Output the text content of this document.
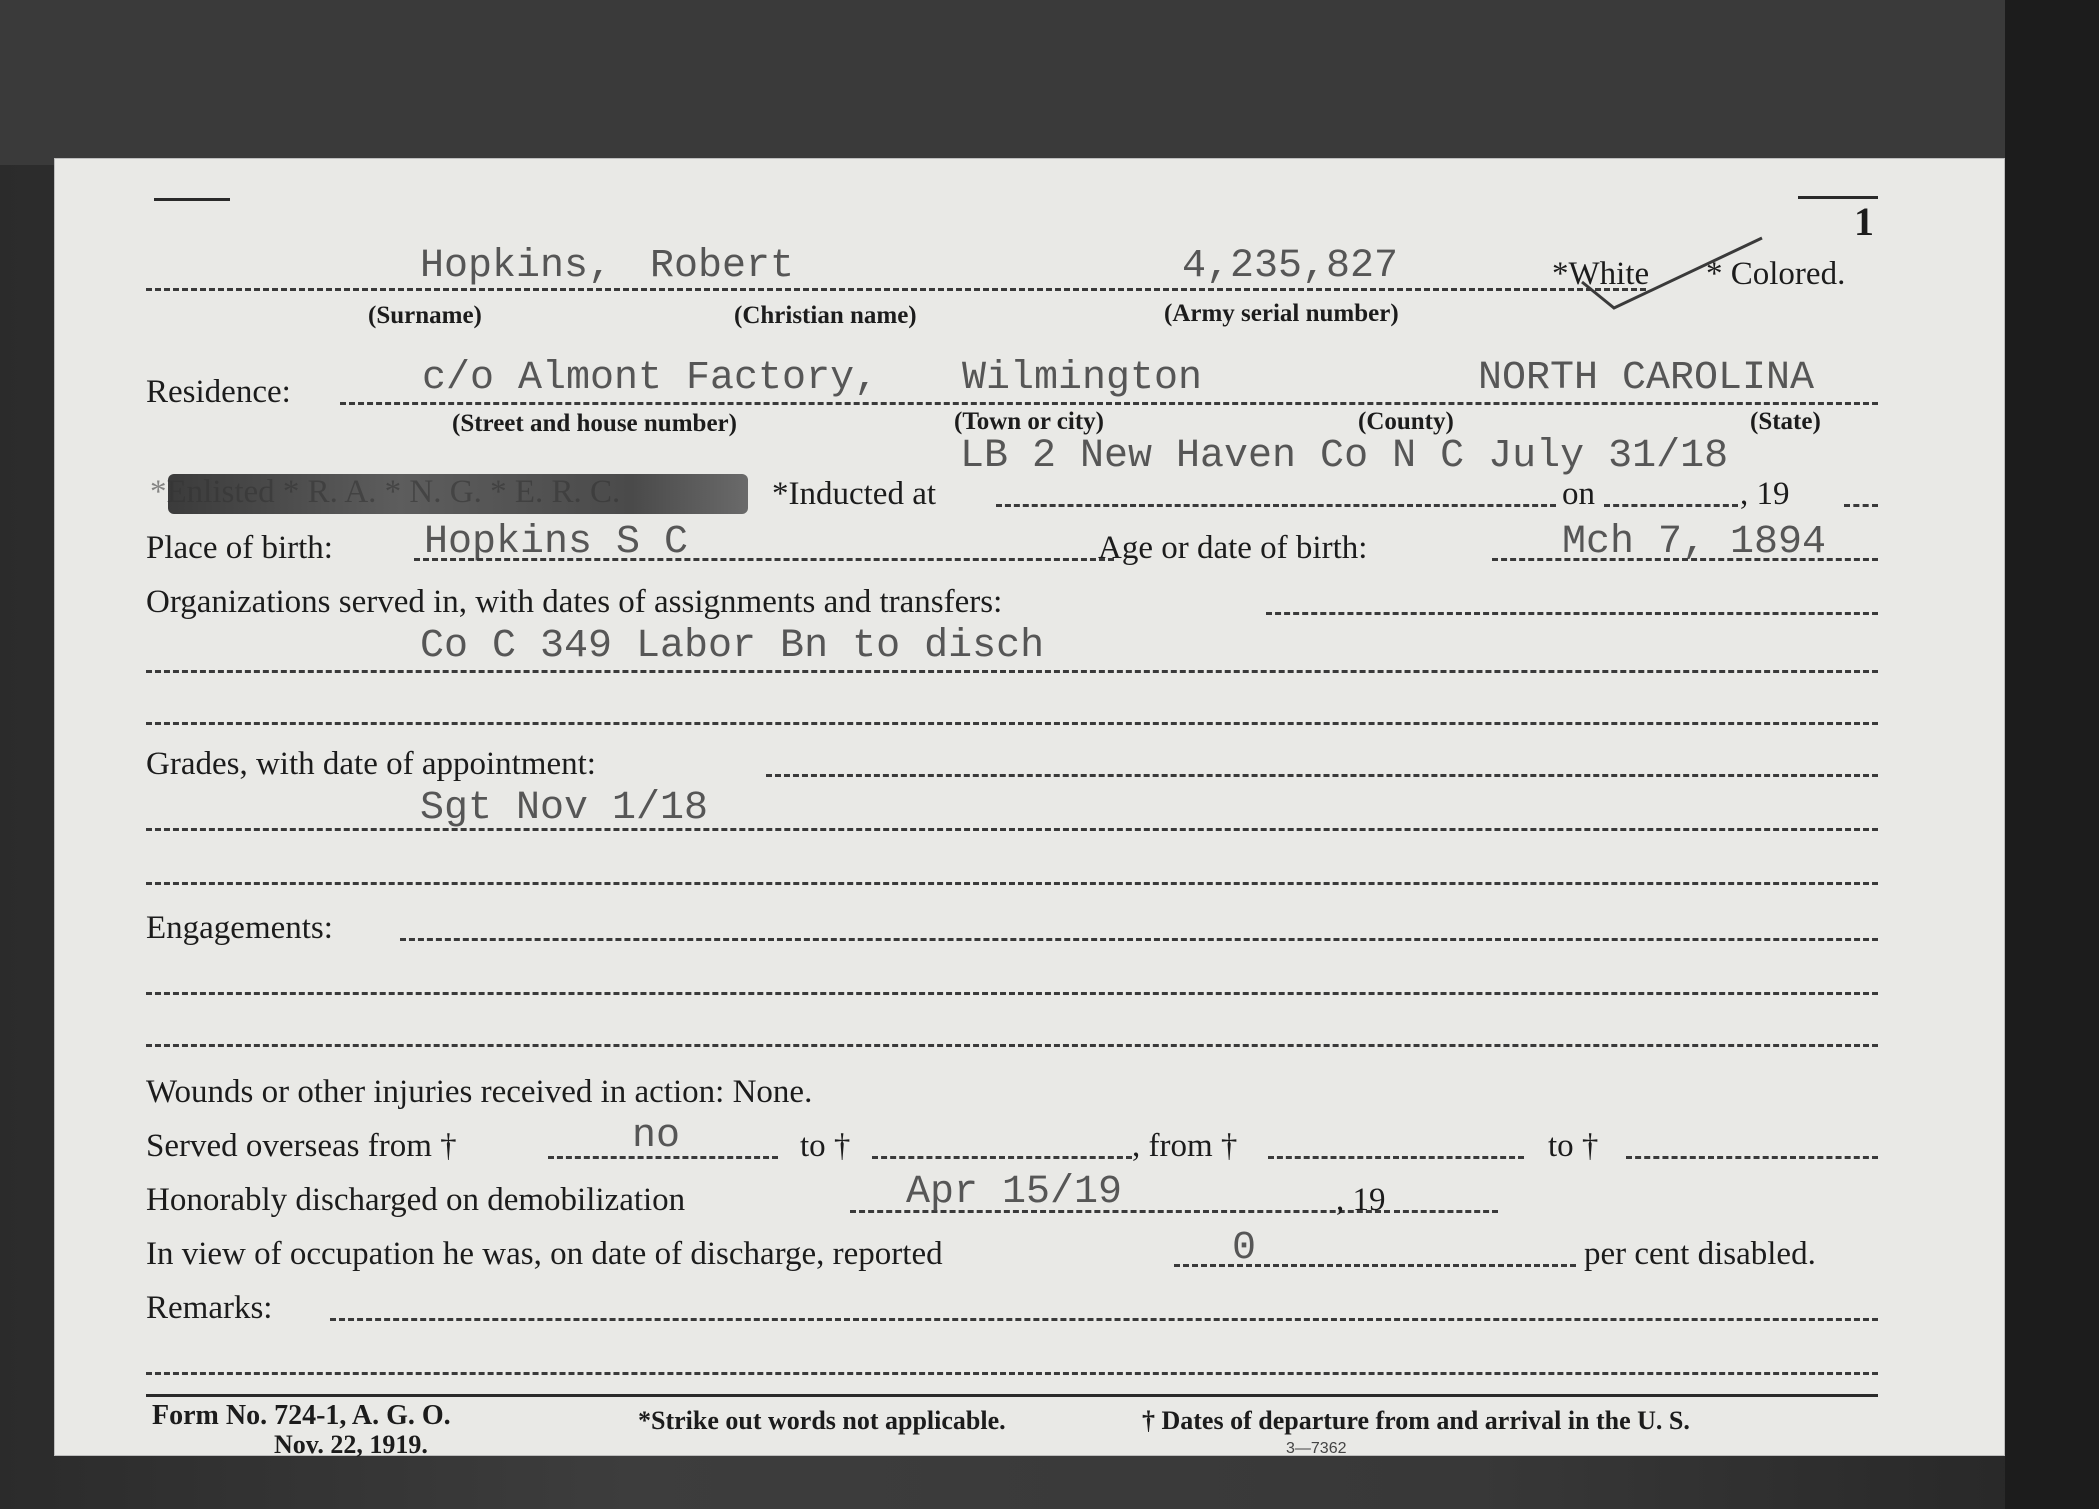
1
Hopkins, Robert	4,235,827	*White * Colored.
(Surname)	(Christian name)	(Army serial number)
Residence:	c/o Almont Factory, Wilmington	NORTH CAROLINA
(Street and house number)	(Town or city)	(County)	(State)
LB 2 New Haven Co N C July 31/18
*Enlisted * R. A. * N. G. * E. R. C.	*Inducted at	on	, 19
Place of birth: Hopkins S C	Age or date of birth:	Mch 7, 1894
Organizations served in, with dates of assignments and transfers:
Co C 349 Labor Bn to disch
Grades, with date of appointment:
Sgt Nov 1/18
Engagements:
Wounds or other injuries received in action: None.
Served overseas from †	no	to †	, from †	to †
Honorably discharged on demobilization	Apr 15/19	, 19
In view of occupation he was, on date of discharge, reported	0	per cent disabled.
Remarks:
Form No. 724-1, A. G. O.
Nov. 22, 1919.
*Strike out words not applicable.	† Dates of departure from and arrival in the U. S.
3—7362
